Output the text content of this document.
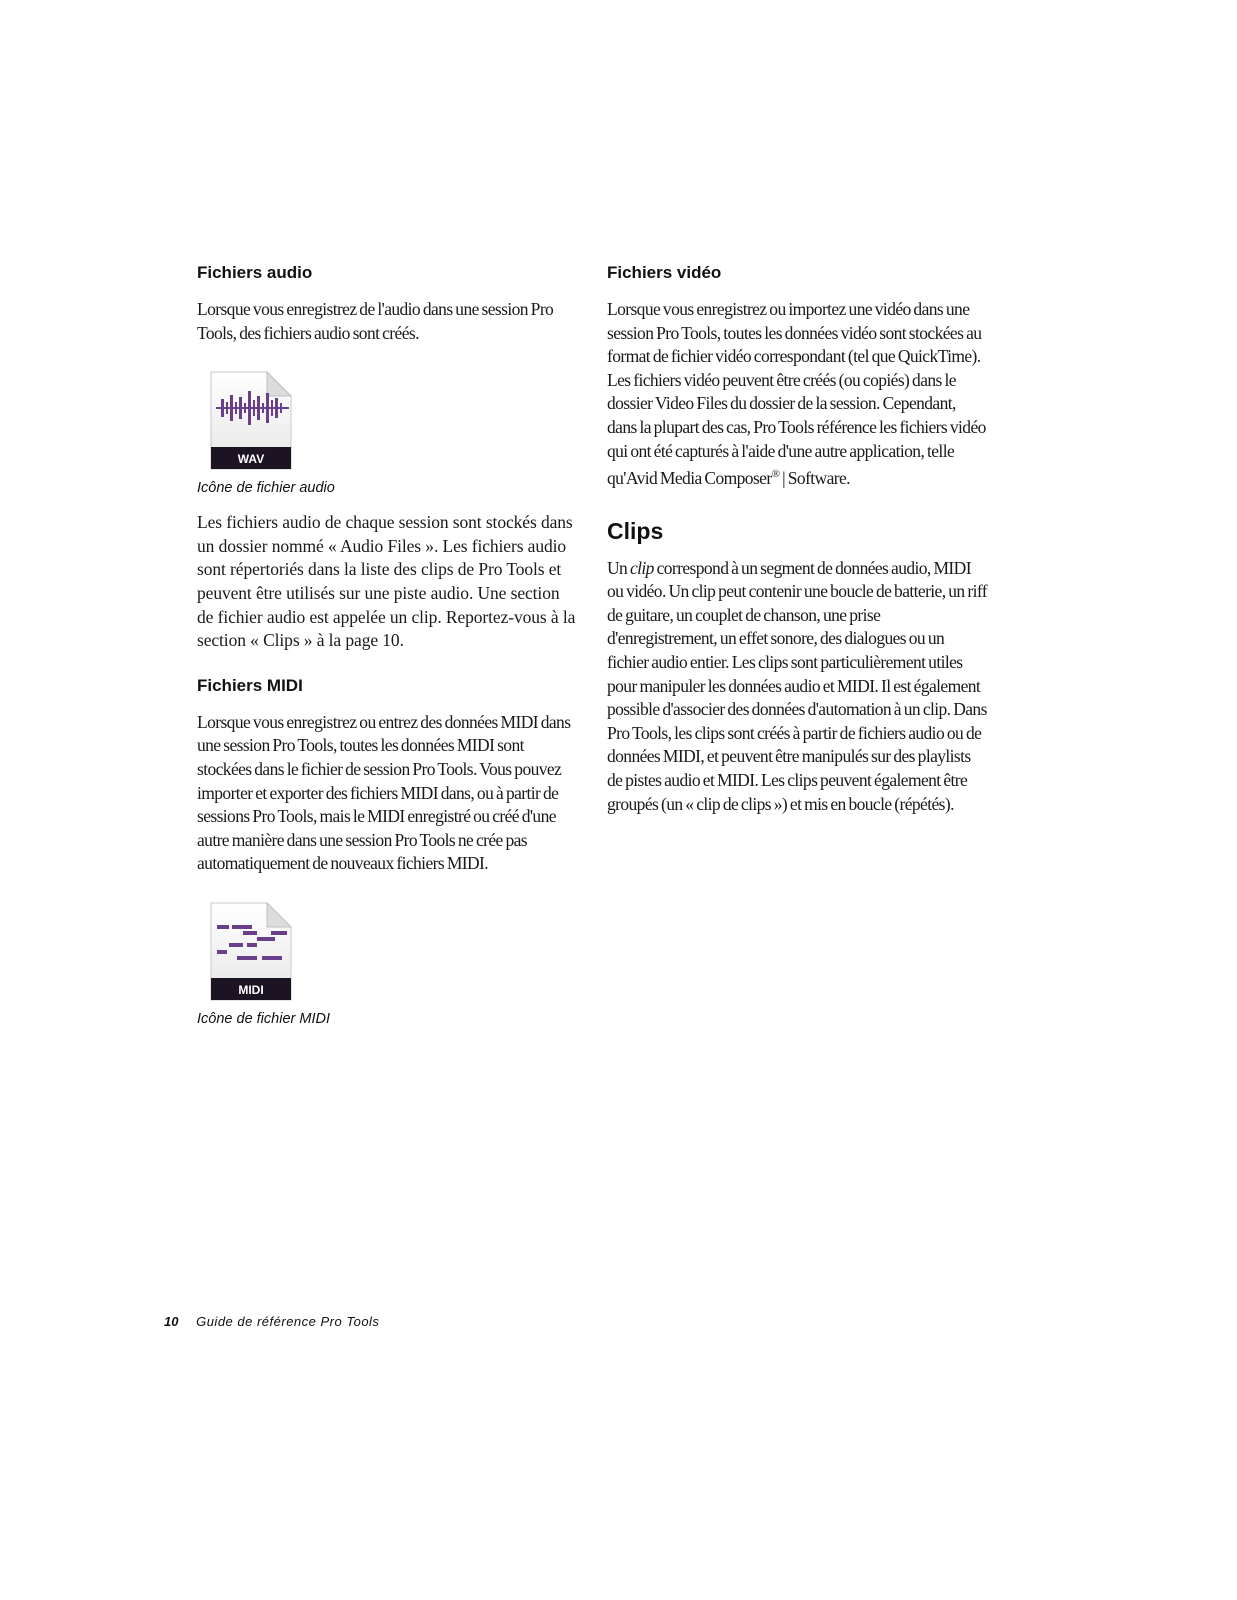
Fichiers audio

Lorsque vous enregistrez de l'audio dans une session Pro Tools, des fichiers audio sont créés.

WAV
Icône de fichier audio

Les fichiers audio de chaque session sont stockés dans un dossier nommé « Audio Files ». Les fichiers audio sont répertoriés dans la liste des clips de Pro Tools et peuvent être utilisés sur une piste audio. Une section de fichier audio est appelée un clip. Reportez-vous à la section « Clips » à la page 10.

Fichiers MIDI

Lorsque vous enregistrez ou entrez des données MIDI dans une session Pro Tools, toutes les données MIDI sont stockées dans le fichier de session Pro Tools. Vous pouvez importer et exporter des fichiers MIDI dans, ou à partir de sessions Pro Tools, mais le MIDI enregistré ou créé d'une autre manière dans une session Pro Tools ne crée pas automatiquement de nouveaux fichiers MIDI.

MIDI
Icône de fichier MIDI
Fichiers vidéo

Lorsque vous enregistrez ou importez une vidéo dans une session Pro Tools, toutes les données vidéo sont stockées au format de fichier vidéo correspondant (tel que QuickTime). Les fichiers vidéo peuvent être créés (ou copiés) dans le dossier Video Files du dossier de la session. Cependant, dans la plupart des cas, Pro Tools référence les fichiers vidéo qui ont été capturés à l'aide d'une autre application, telle qu'Avid Media Composer® | Software.

Clips

Un clip correspond à un segment de données audio, MIDI ou vidéo. Un clip peut contenir une boucle de batterie, un riff de guitare, un couplet de chanson, une prise d'enregistrement, un effet sonore, des dialogues ou un fichier audio entier. Les clips sont particulièrement utiles pour manipuler les données audio et MIDI. Il est également possible d'associer des données d'automation à un clip. Dans Pro Tools, les clips sont créés à partir de fichiers audio ou de données MIDI, et peuvent être manipulés sur des playlists de pistes audio et MIDI. Les clips peuvent également être groupés (un « clip de clips ») et mis en boucle (répétés).

10 Guide de référence Pro Tools
